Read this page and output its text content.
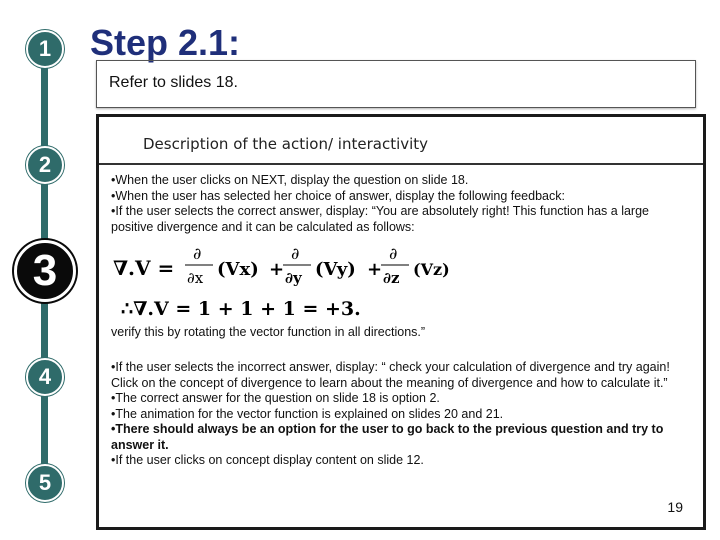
1
2
3
4
5
Step 2.1:
Refer to slides 18.
Description of the action/ interactivity
•When the user clicks on NEXT, display the question on slide 18.
•When the user has selected her choice of answer, display the following feedback:
•If the user selects the correct answer, display: “You are absolutely right! This function has a large positive divergence and it can be calculated as follows:
∇.V =
∂
∂x (Vx) +
∂
∂y (Vy) +
∂
∂z (Vz)
∴∇.V = 1 + 1 + 1 = +3.
verify this by rotating the vector function in all directions.”
•If the user selects the incorrect answer, display: “ check your calculation of divergence and try again! Click on the concept of divergence to learn about the meaning of divergence and how to calculate it.”
•The correct answer for the question on slide 18 is option 2.
•The animation for the vector function is explained on slides 20 and 21.
•There should always be an option for the user to go back to the previous question and try to answer it.
•If the user clicks on concept display content on slide 12.
19
